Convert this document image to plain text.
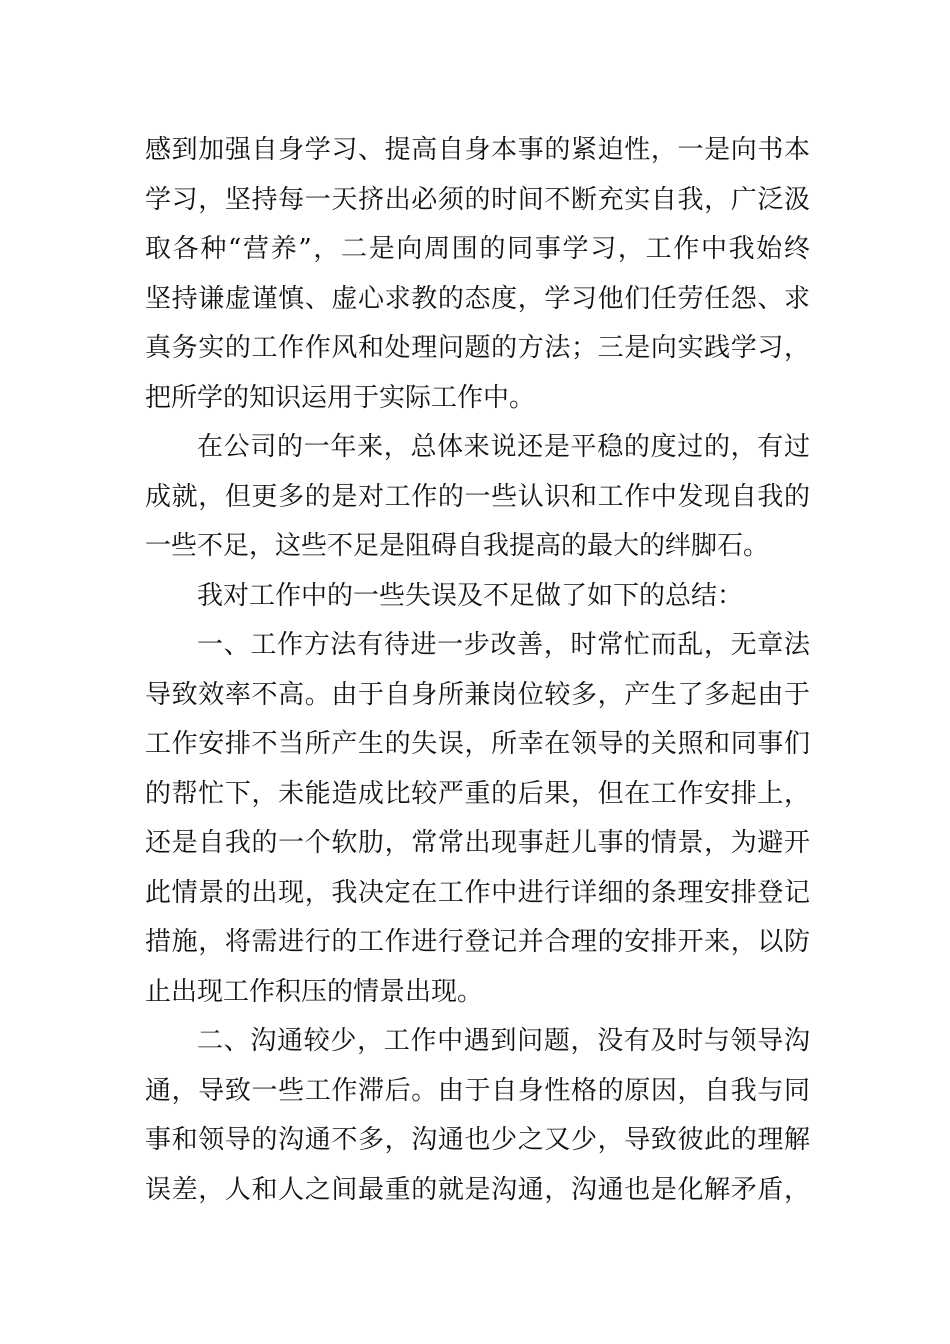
感到加强自身学习、提高自身本事的紧迫性，一是向书本
学习，坚持每一天挤出必须的时间不断充实自我，广泛汲
取各种“营养”，二是向周围的同事学习，工作中我始终
坚持谦虚谨慎、虚心求教的态度，学习他们任劳任怨、求
真务实的工作作风和处理问题的方法；三是向实践学习，
把所学的知识运用于实际工作中。
在公司的一年来，总体来说还是平稳的度过的，有过
成就，但更多的是对工作的一些认识和工作中发现自我的
一些不足，这些不足是阻碍自我提高的最大的绊脚石。
我对工作中的一些失误及不足做了如下的总结：
一、工作方法有待进一步改善，时常忙而乱，无章法
导致效率不高。由于自身所兼岗位较多，产生了多起由于
工作安排不当所产生的失误，所幸在领导的关照和同事们
的帮忙下，未能造成比较严重的后果，但在工作安排上，
还是自我的一个软肋，常常出现事赶儿事的情景，为避开
此情景的出现，我决定在工作中进行详细的条理安排登记
措施，将需进行的工作进行登记并合理的安排开来，以防
止出现工作积压的情景出现。
二、沟通较少，工作中遇到问题，没有及时与领导沟
通，导致一些工作滞后。由于自身性格的原因，自我与同
事和领导的沟通不多，沟通也少之又少，导致彼此的理解
误差，人和人之间最重的就是沟通，沟通也是化解矛盾，
